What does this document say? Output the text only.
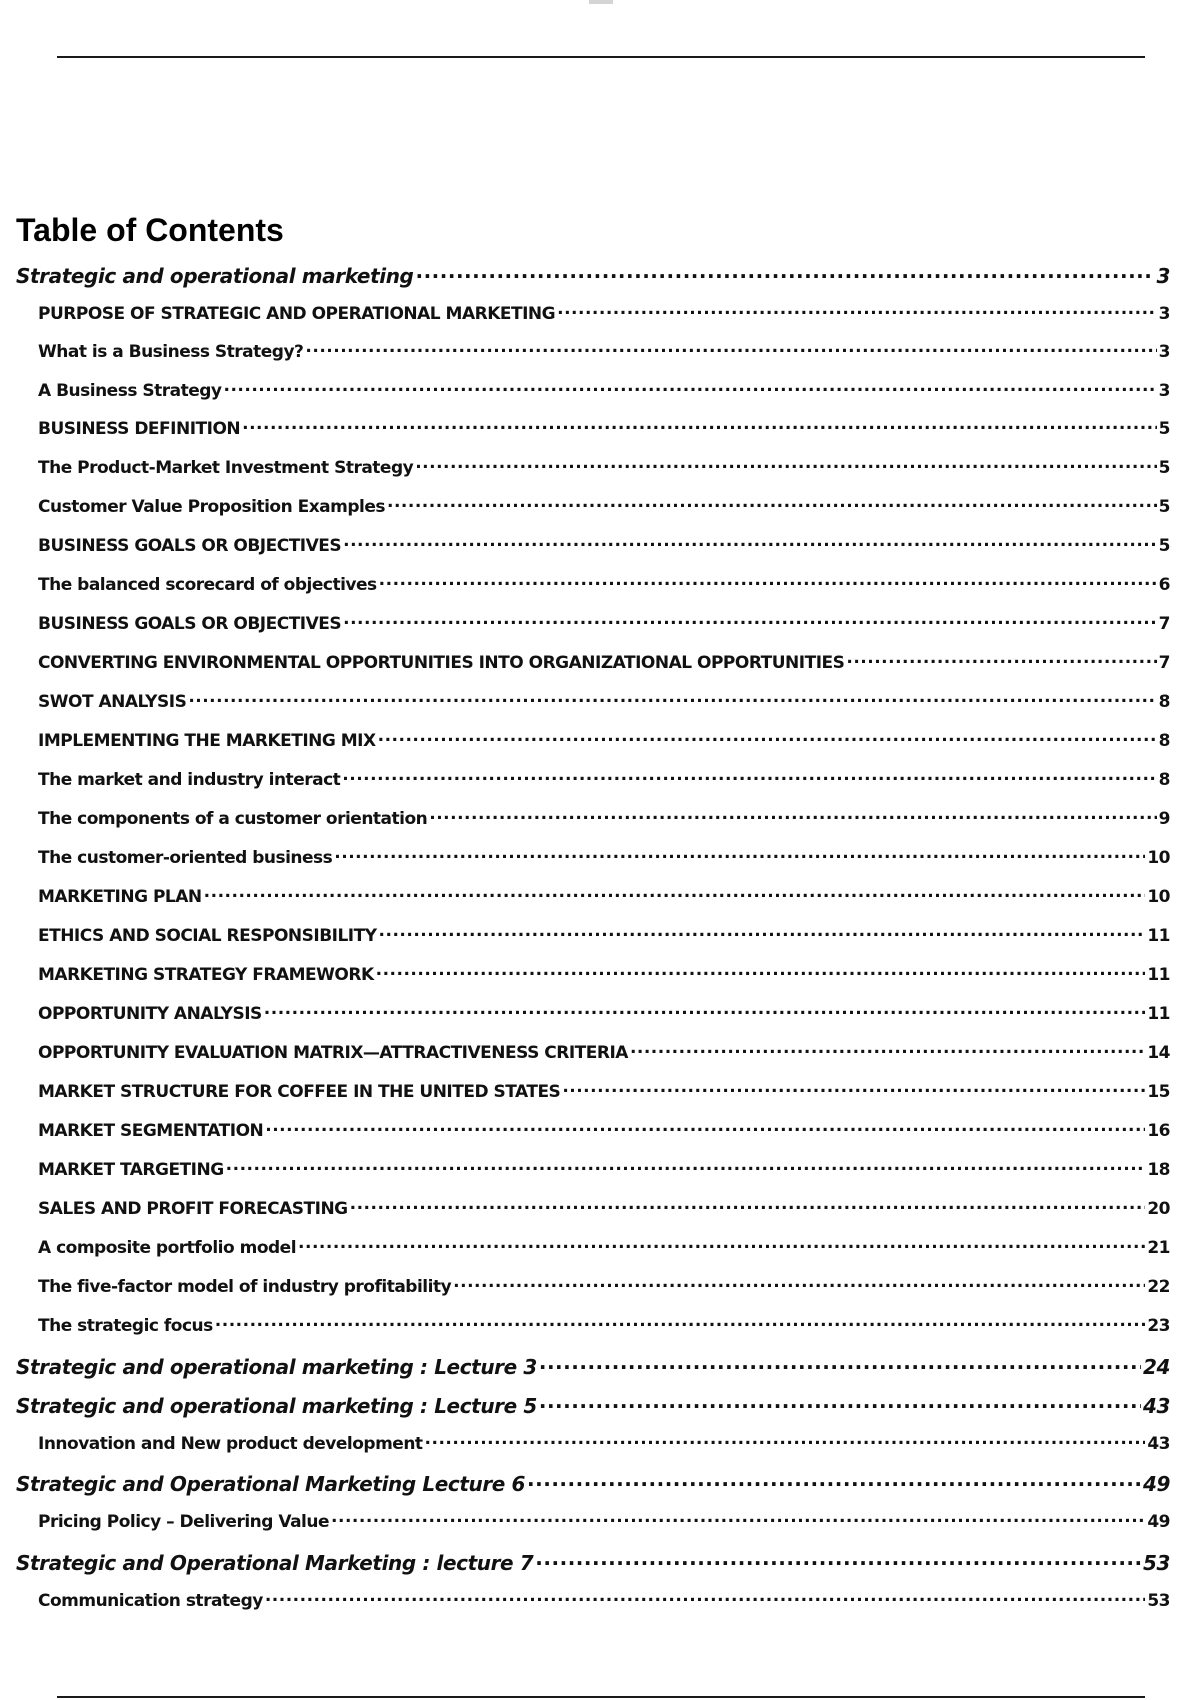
Table of Contents
Strategic and operational marketing .....	3
PURPOSE OF STRATEGIC AND OPERATIONAL MARKETING .....	3
What is a Business Strategy? .....	3
A Business Strategy .....	3
BUSINESS DEFINITION .....	5
The Product-Market Investment Strategy .....	5
Customer Value Proposition Examples .....	5
BUSINESS GOALS OR OBJECTIVES .....	5
The balanced scorecard of objectives .....	6
BUSINESS GOALS OR OBJECTIVES .....	7
CONVERTING ENVIRONMENTAL OPPORTUNITIES INTO ORGANIZATIONAL OPPORTUNITIES .....	7
SWOT ANALYSIS .....	8
IMPLEMENTING THE MARKETING MIX .....	8
The market and industry interact .....	8
The components of a customer orientation .....	9
The customer-oriented business .....	10
MARKETING PLAN .....	10
ETHICS AND SOCIAL RESPONSIBILITY .....	11
MARKETING STRATEGY FRAMEWORK .....	11
OPPORTUNITY ANALYSIS .....	11
OPPORTUNITY EVALUATION MATRIX—ATTRACTIVENESS CRITERIA .....	14
MARKET STRUCTURE FOR COFFEE IN THE UNITED STATES .....	15
MARKET SEGMENTATION .....	16
MARKET TARGETING .....	18
SALES AND PROFIT FORECASTING .....	20
A composite portfolio model .....	21
The five-factor model of industry profitability .....	22
The strategic focus .....	23
Strategic and operational marketing : Lecture 3 .....	24
Strategic and operational marketing : Lecture 5 .....	43
Innovation and New product development .....	43
Strategic and Operational Marketing Lecture 6 .....	49
Pricing Policy – Delivering Value .....	49
Strategic and Operational Marketing : lecture 7 .....	53
Communication strategy .....	53
